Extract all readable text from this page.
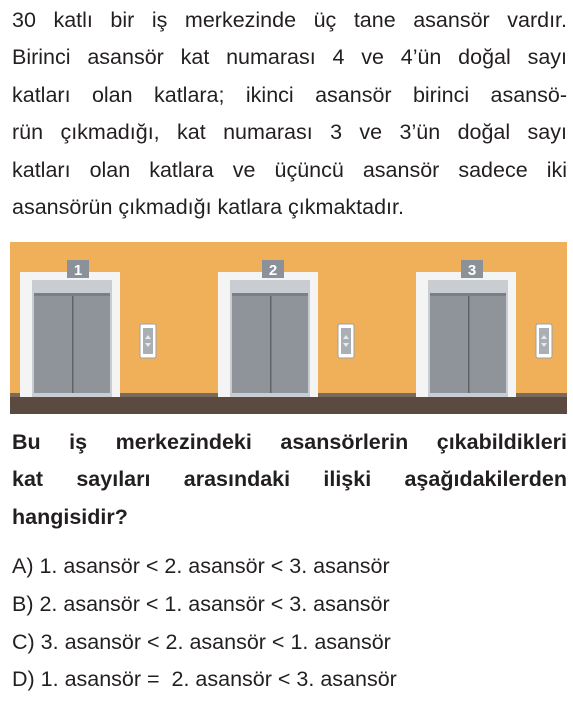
30 katlı bir iş merkezinde üç tane asansör vardır.
Birinci asansör kat numarası 4 ve 4’ün doğal sayı
katları olan katlara; ikinci asansör birinci asansö-
rün çıkmadığı, kat numarası 3 ve 3’ün doğal sayı
katları olan katlara ve üçüncü asansör sadece iki
asansörün çıkmadığı katlara çıkmaktadır.
1	2	3
Bu iş merkezindeki asansörlerin çıkabildikleri
kat sayıları arasındaki ilişki aşağıdakilerden
hangisidir?
A) 1. asansör < 2. asansör < 3. asansör
B) 2. asansör < 1. asansör < 3. asansör
C) 3. asansör < 2. asansör < 1. asansör
D) 1. asansör =  2. asansör < 3. asansör
